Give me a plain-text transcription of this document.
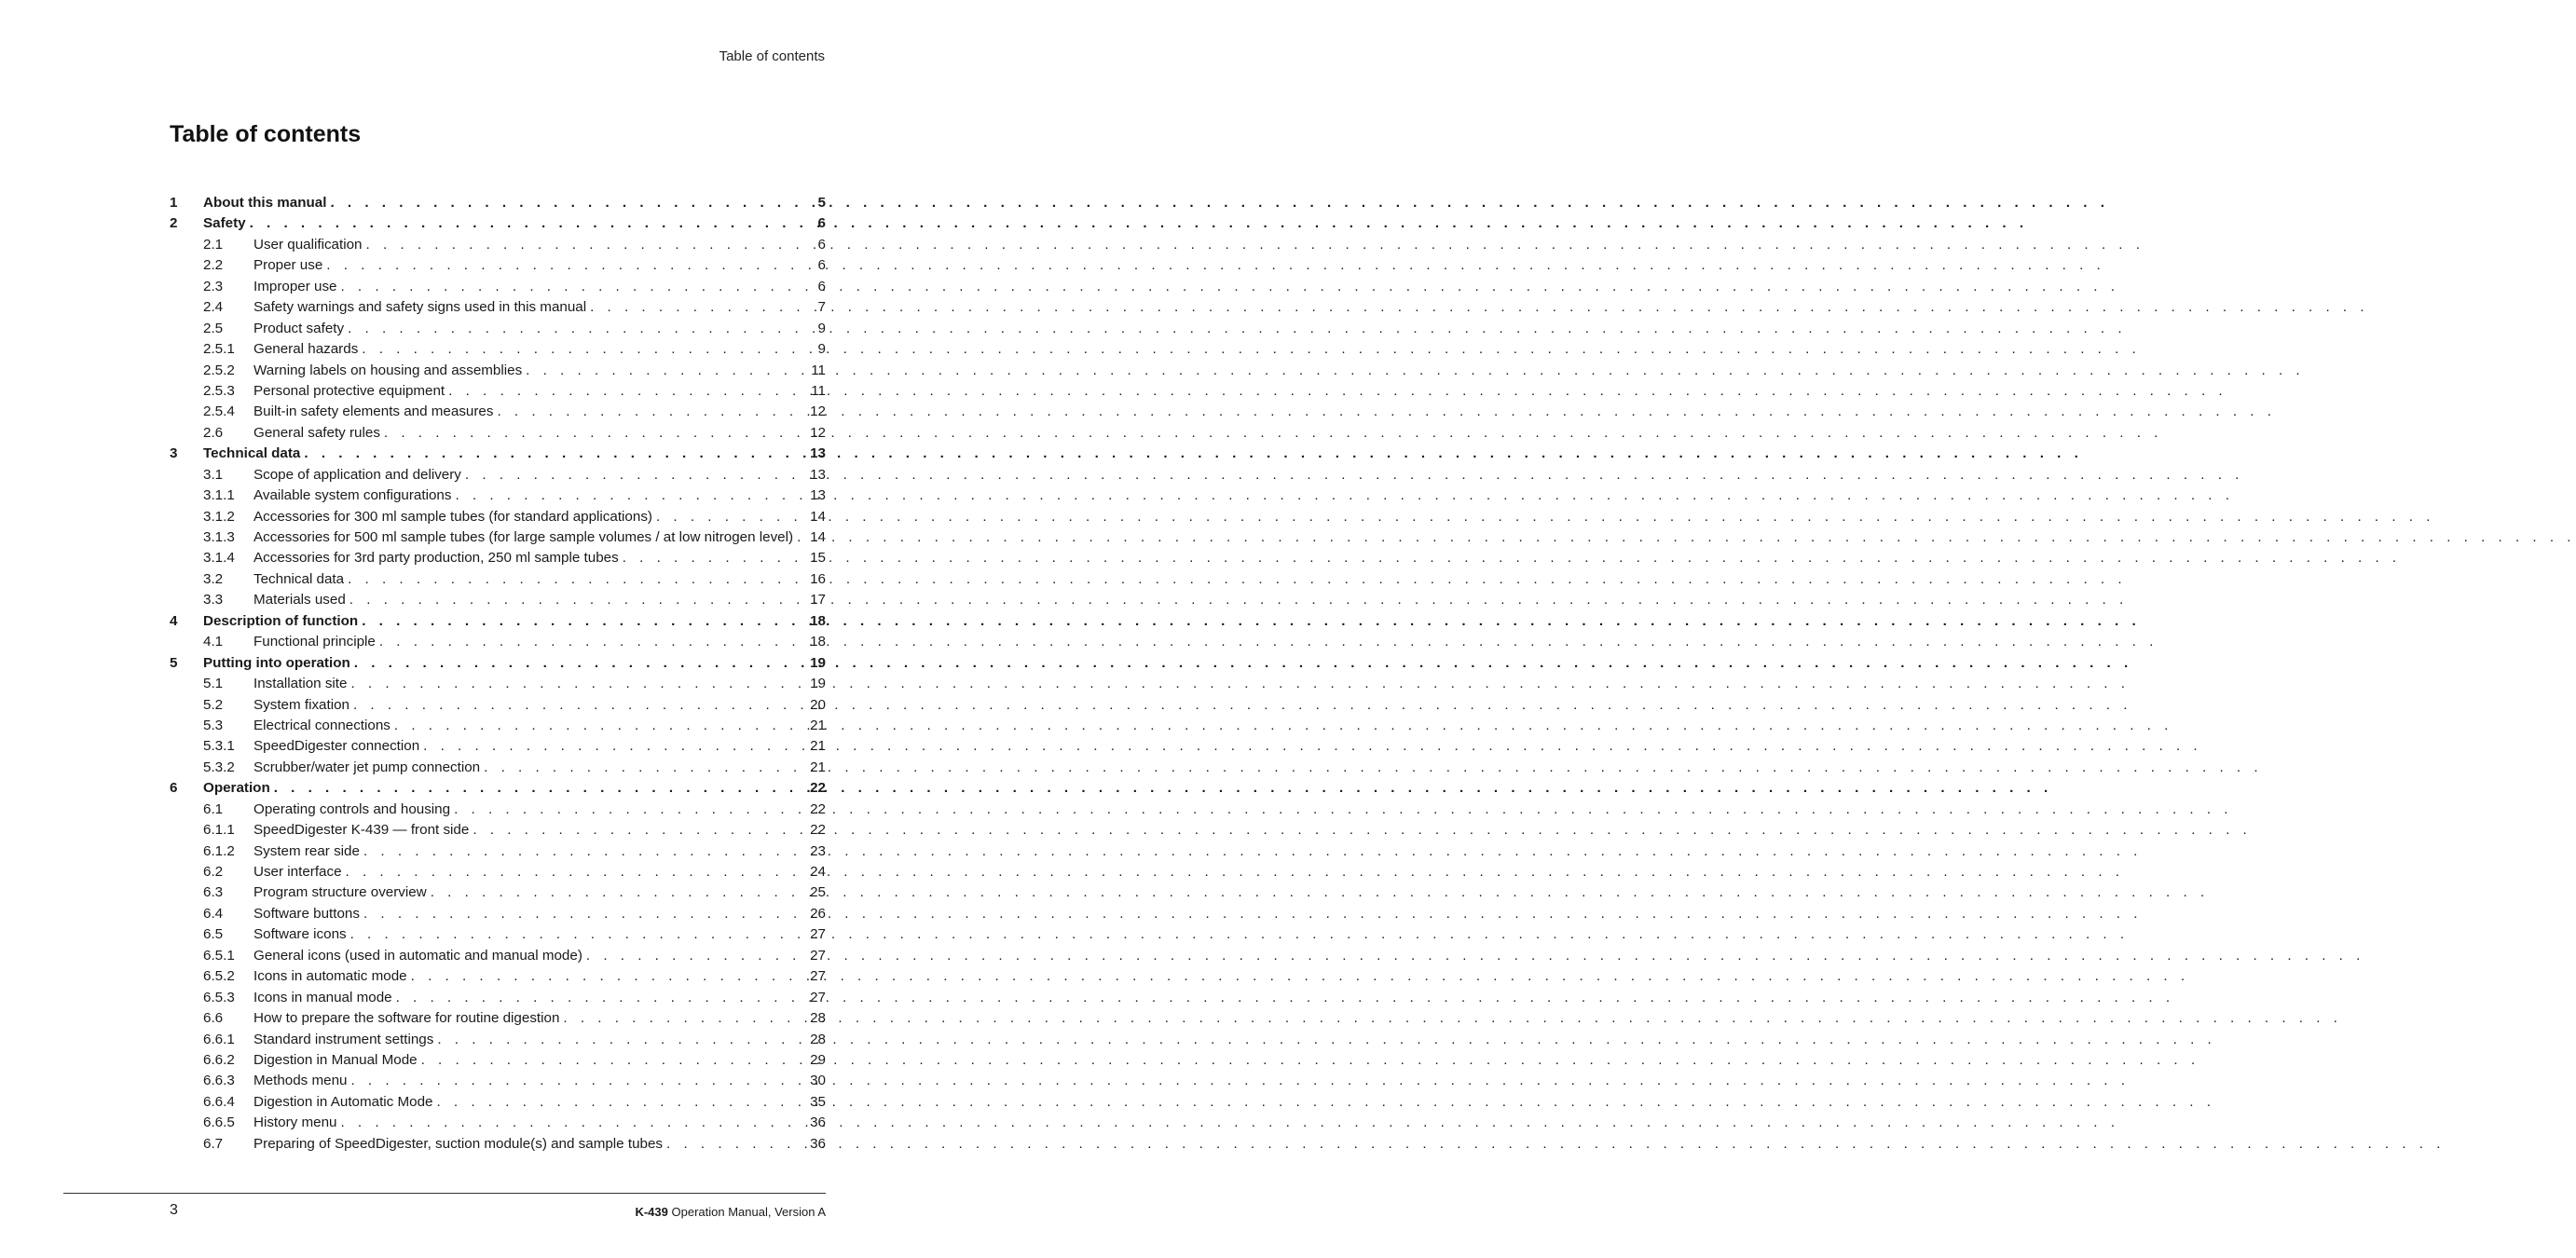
Table of contents
Table of contents
1	About this manual . . .	5
2	Safety . . .	6
2.1	User qualification . . .	6
2.2	Proper use . . .	6
2.3	Improper use . . .	6
2.4	Safety warnings and safety signs used in this manual . . .	7
2.5	Product safety . . .	9
2.5.1	General hazards . . .	9
2.5.2	Warning labels on housing and assemblies . . .	11
2.5.3	Personal protective equipment . . .	11
2.5.4	Built-in safety elements and measures . . .	12
2.6	General safety rules . . .	12
3	Technical data . . .	13
3.1	Scope of application and delivery . . .	13
3.1.1	Available system configurations . . .	13
3.1.2	Accessories for 300 ml sample tubes (for standard applications) . . .	14
3.1.3	Accessories for 500 ml sample tubes (for large sample volumes / at low nitrogen level) . . . 14
3.1.4	Accessories for 3rd party production, 250 ml sample tubes . . .	15
3.2	Technical data . . .	16
3.3	Materials used . . .	17
4	Description of function . . .	18
4.1	Functional principle . . .	18
5	Putting into operation . . .	19
5.1	Installation site . . .	19
5.2	System fixation . . .	20
5.3	Electrical connections . . .	21
5.3.1	SpeedDigester connection . . .	21
5.3.2	Scrubber/water jet pump connection . . .	21
6	Operation . . .	22
6.1	Operating controls and housing . . .	22
6.1.1	SpeedDigester K-439 — front side . . .	22
6.1.2	System rear side . . .	23
6.2	User interface . . .	24
6.3	Program structure overview . . .	25
6.4	Software buttons . . .	26
6.5	Software icons . . .	27
6.5.1	General icons (used in automatic and manual mode) . . .	27
6.5.2	Icons in automatic mode . . .	27
6.5.3	Icons in manual mode . . .	27
6.6	How to prepare the software for routine digestion . . .	28
6.6.1	Standard instrument settings . . .	28
6.6.2	Digestion in Manual Mode . . .	29
6.6.3	Methods menu . . .	30
6.6.4	Digestion in Automatic Mode . . .	35
6.6.5	History menu . . .	36
6.7	Preparing of SpeedDigester, suction module(s) and sample tubes . . .	36
3	K-439 Operation Manual, Version A
